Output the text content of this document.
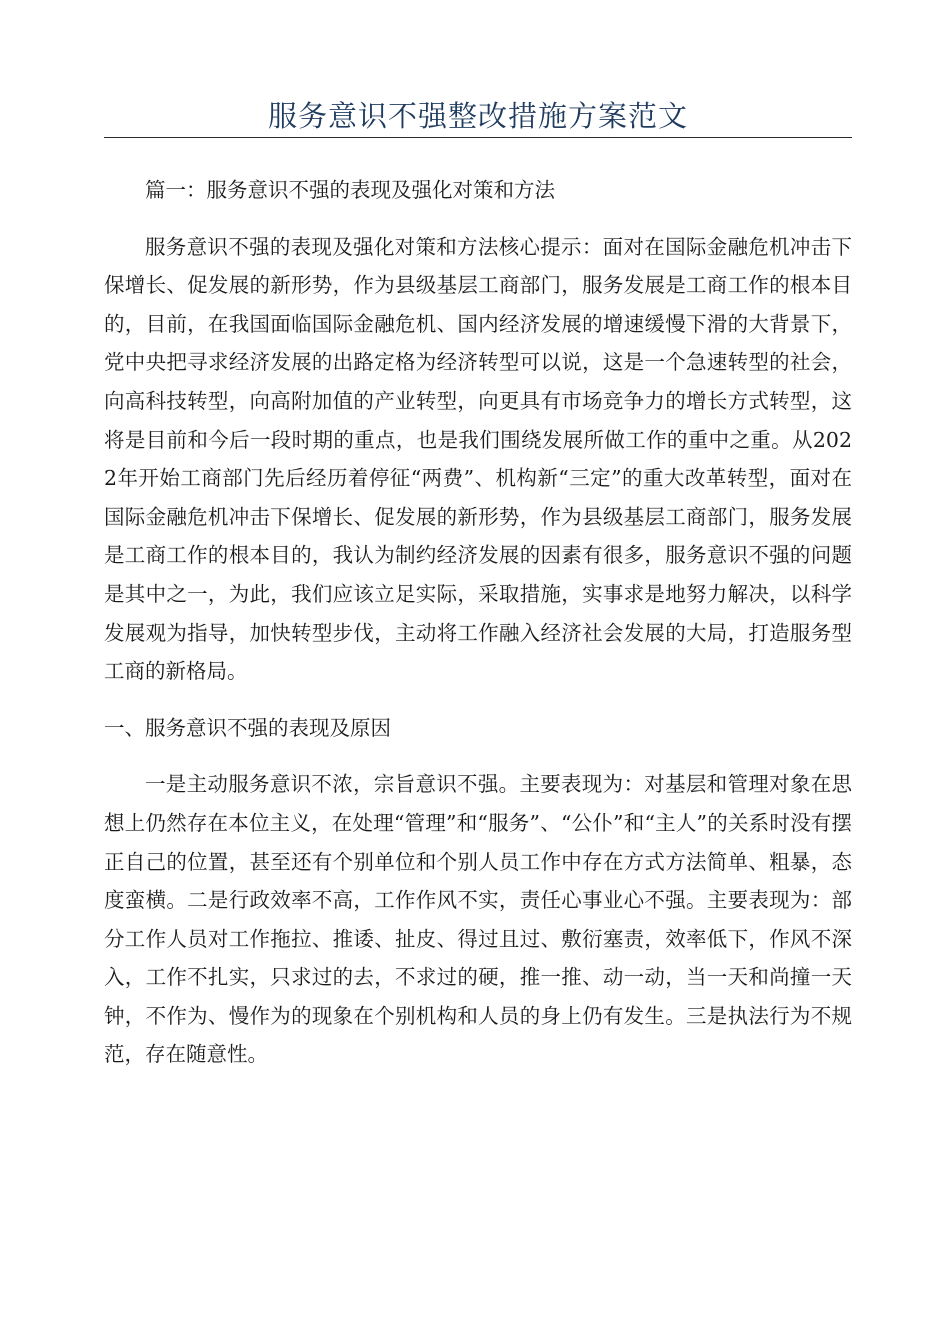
服务意识不强整改措施方案范文

篇一：服务意识不强的表现及强化对策和方法

服务意识不强的表现及强化对策和方法核心提示：面对在国际金融危机冲击下保增长、促发展的新形势，作为县级基层工商部门，服务发展是工商工作的根本目的，目前，在我国面临国际金融危机、国内经济发展的增速缓慢下滑的大背景下，党中央把寻求经济发展的出路定格为经济转型可以说，这是一个急速转型的社会，向高科技转型，向高附加值的产业转型，向更具有市场竞争力的增长方式转型，这将是目前和今后一段时期的重点，也是我们围绕发展所做工作的重中之重。从2022年开始工商部门先后经历着停征“两费”、机构新“三定”的重大改革转型，面对在国际金融危机冲击下保增长、促发展的新形势，作为县级基层工商部门，服务发展是工商工作的根本目的，我认为制约经济发展的因素有很多，服务意识不强的问题是其中之一，为此，我们应该立足实际，采取措施，实事求是地努力解决，以科学发展观为指导，加快转型步伐，主动将工作融入经济社会发展的大局，打造服务型工商的新格局。

一、服务意识不强的表现及原因

一是主动服务意识不浓，宗旨意识不强。主要表现为：对基层和管理对象在思想上仍然存在本位主义，在处理“管理”和“服务”、“公仆”和“主人”的关系时没有摆正自己的位置，甚至还有个别单位和个别人员工作中存在方式方法简单、粗暴，态度蛮横。二是行政效率不高，工作作风不实，责任心事业心不强。主要表现为：部分工作人员对工作拖拉、推诿、扯皮、得过且过、敷衍塞责，效率低下，作风不深入，工作不扎实，只求过的去，不求过的硬，推一推、动一动，当一天和尚撞一天钟，不作为、慢作为的现象在个别机构和人员的身上仍有发生。三是执法行为不规范，存在随意性。
